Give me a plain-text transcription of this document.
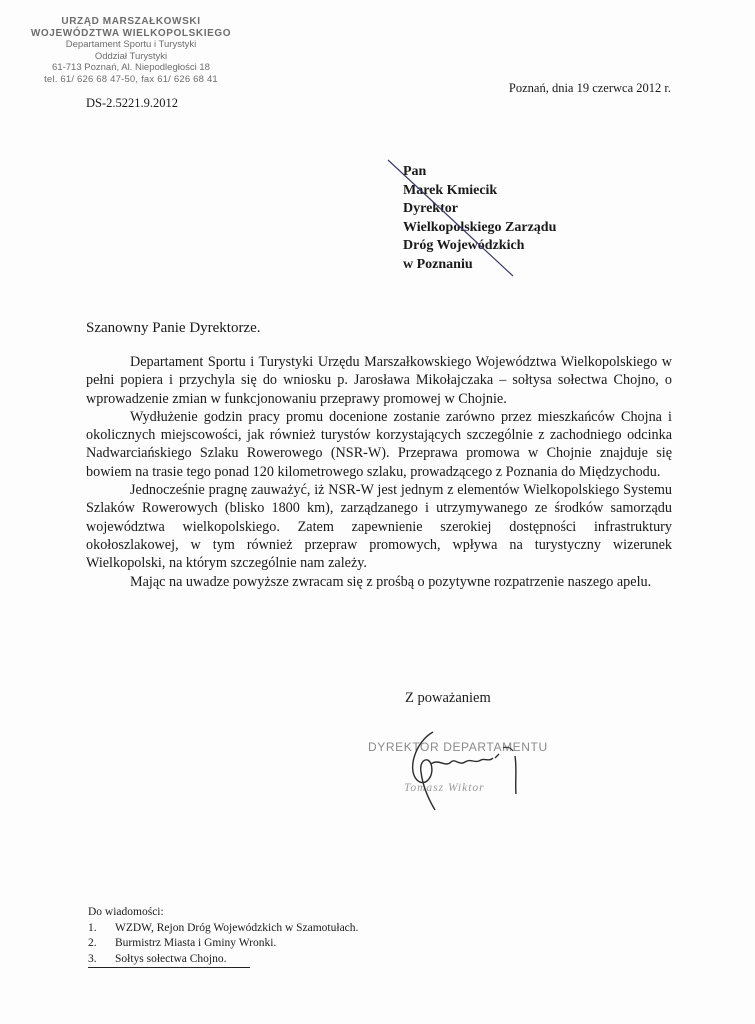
URZĄD MARSZAŁKOWSKI
WOJEWÓDZTWA WIELKOPOLSKIEGO
Departament Sportu i Turystyki
Oddział Turystyki
61-713 Poznań, Al. Niepodległości 18
tel. 61/ 626 68 47-50, fax 61/ 626 68 41
DS-2.5221.9.2012
Poznań, dnia 19 czerwca 2012 r.
Pan
Marek Kmiecik
Dyrektor
Wielkopolskiego Zarządu
Dróg Wojewódzkich
w Poznaniu
Szanowny Panie Dyrektorze.

Departament Sportu i Turystyki Urzędu Marszałkowskiego Województwa Wielkopolskiego w pełni popiera i przychyla się do wniosku p. Jarosława Mikołajczaka – sołtysa sołectwa Chojno, o wprowadzenie zmian w funkcjonowaniu przeprawy promowej w Chojnie.

Wydłużenie godzin pracy promu docenione zostanie zarówno przez mieszkańców Chojna i okolicznych miejscowości, jak również turystów korzystających szczególnie z zachodniego odcinka Nadwarciańskiego Szlaku Rowerowego (NSR-W). Przeprawa promowa w Chojnie znajduje się bowiem na trasie tego ponad 120 kilometrowego szlaku, prowadzącego z Poznania do Międzychodu.

Jednocześnie pragnę zauważyć, iż NSR-W jest jednym z elementów Wielkopolskiego Systemu Szlaków Rowerowych (blisko 1800 km), zarządzanego i utrzymywanego ze środków samorządu województwa wielkopolskiego. Zatem zapewnienie szerokiej dostępności infrastruktury okołoszlakowej, w tym również przepraw promowych, wpływa na turystyczny wizerunek Wielkopolski, na którym szczególnie nam zależy.

Mając na uwadze powyższe zwracam się z prośbą o pozytywne rozpatrzenie naszego apelu.

Z poważaniem
DYREKTOR DEPARTAMENTU
Tomasz Wiktor
Do wiadomości:
1.	WZDW, Rejon Dróg Wojewódzkich w Szamotułach.
2.	Burmistrz Miasta i Gminy Wronki.
3.	Sołtys sołectwa Chojno.
